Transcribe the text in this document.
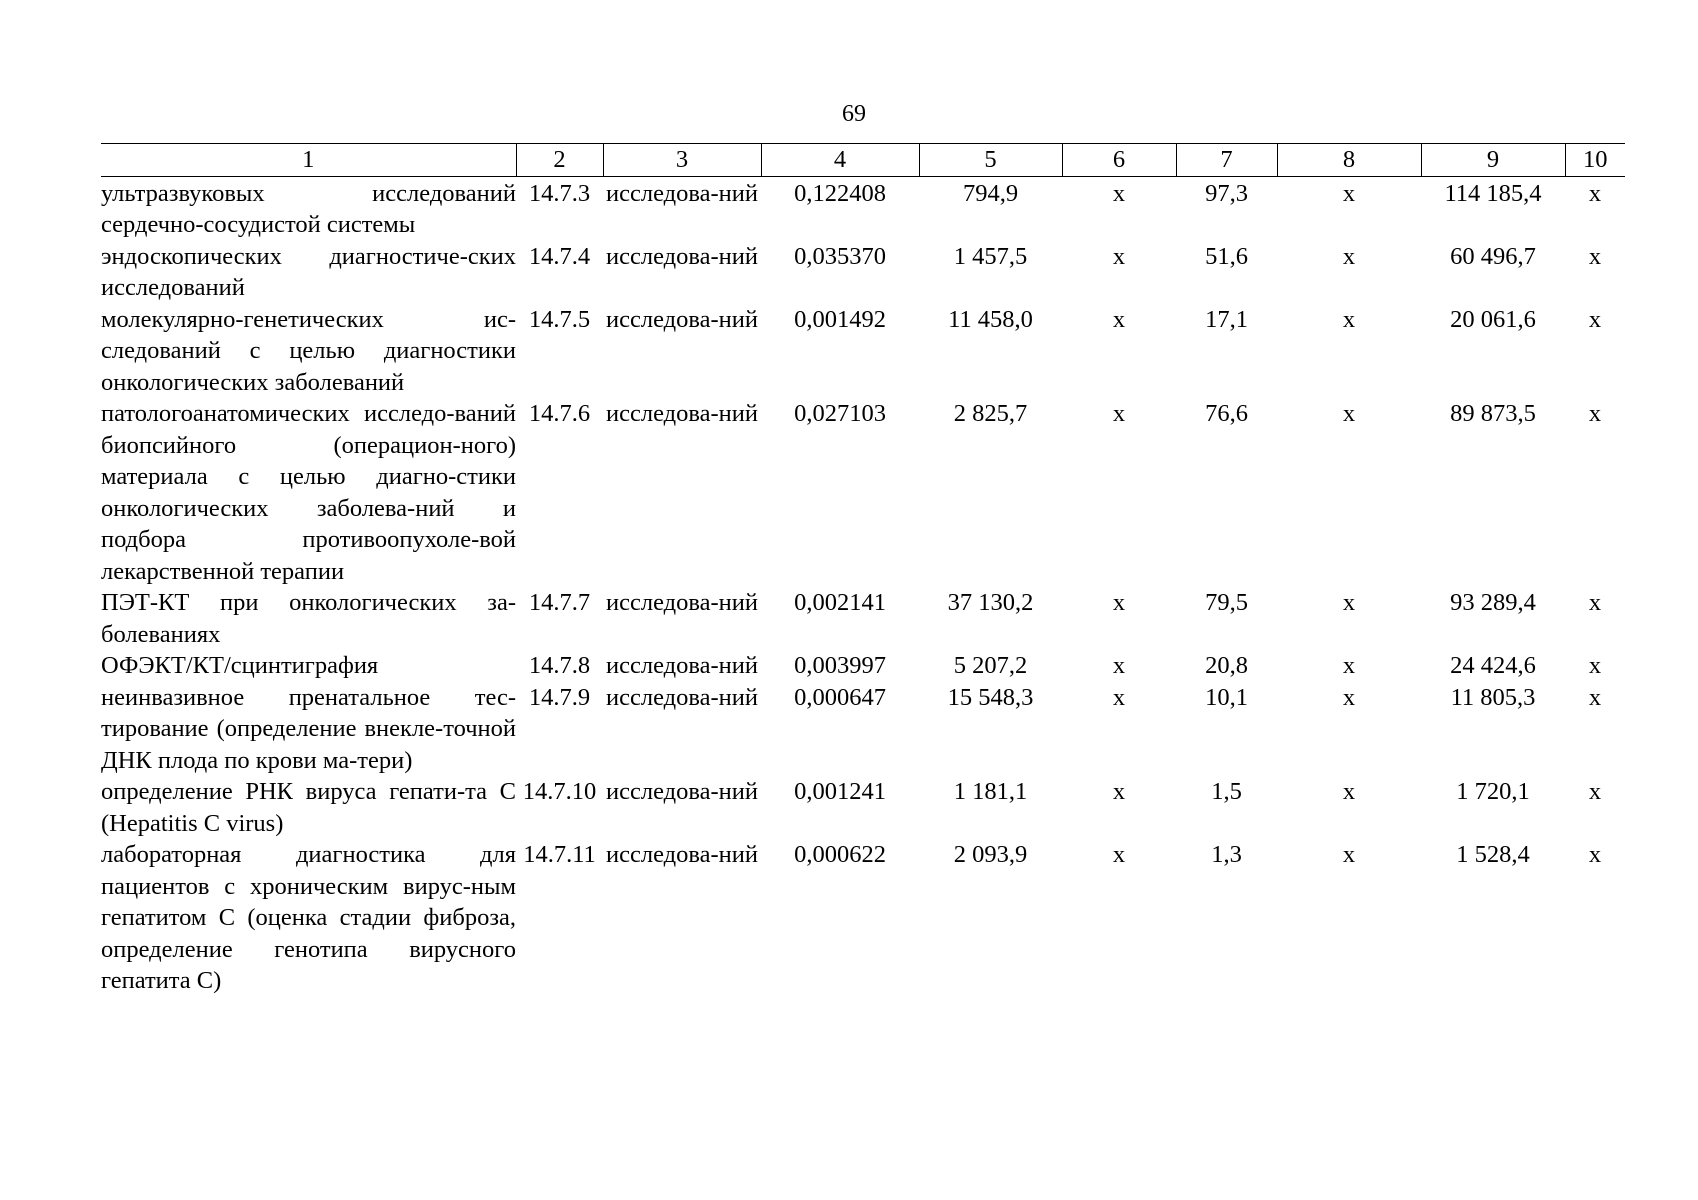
69
1	2	3	4	5	6	7	8	9	10
ультразвуковых исследований сердечно-сосудистой системы	14.7.3	исследова-ний	0,122408	794,9	х	97,3	х	114 185,4	х
эндоскопических диагностиче-ских исследований	14.7.4	исследова-ний	0,035370	1 457,5	х	51,6	х	60 496,7	х
молекулярно-генетических ис-следований с целью диагностики онкологических заболеваний	14.7.5	исследова-ний	0,001492	11 458,0	х	17,1	х	20 061,6	х
патологоанатомических исследо-ваний биопсийного (операцион-ного) материала с целью диагно-стики онкологических заболева-ний и подбора противоопухоле-вой лекарственной терапии	14.7.6	исследова-ний	0,027103	2 825,7	х	76,6	х	89 873,5	х
ПЭТ-КТ при онкологических за-болеваниях	14.7.7	исследова-ний	0,002141	37 130,2	х	79,5	х	93 289,4	х
ОФЭКТ/КТ/сцинтиграфия	14.7.8	исследова-ний	0,003997	5 207,2	х	20,8	х	24 424,6	х
неинвазивное пренатальное тес-тирование (определение внекле-точной ДНК плода по крови ма-тери)	14.7.9	исследова-ний	0,000647	15 548,3	х	10,1	х	11 805,3	х
определение РНК вируса гепати-та С (Hepatitis C virus)	14.7.10	исследова-ний	0,001241	1 181,1	х	1,5	х	1 720,1	х
лабораторная диагностика для пациентов с хроническим вирус-ным гепатитом С (оценка стадии фиброза, определение генотипа вирусного гепатита С)	14.7.11	исследова-ний	0,000622	2 093,9	х	1,3	х	1 528,4	х
